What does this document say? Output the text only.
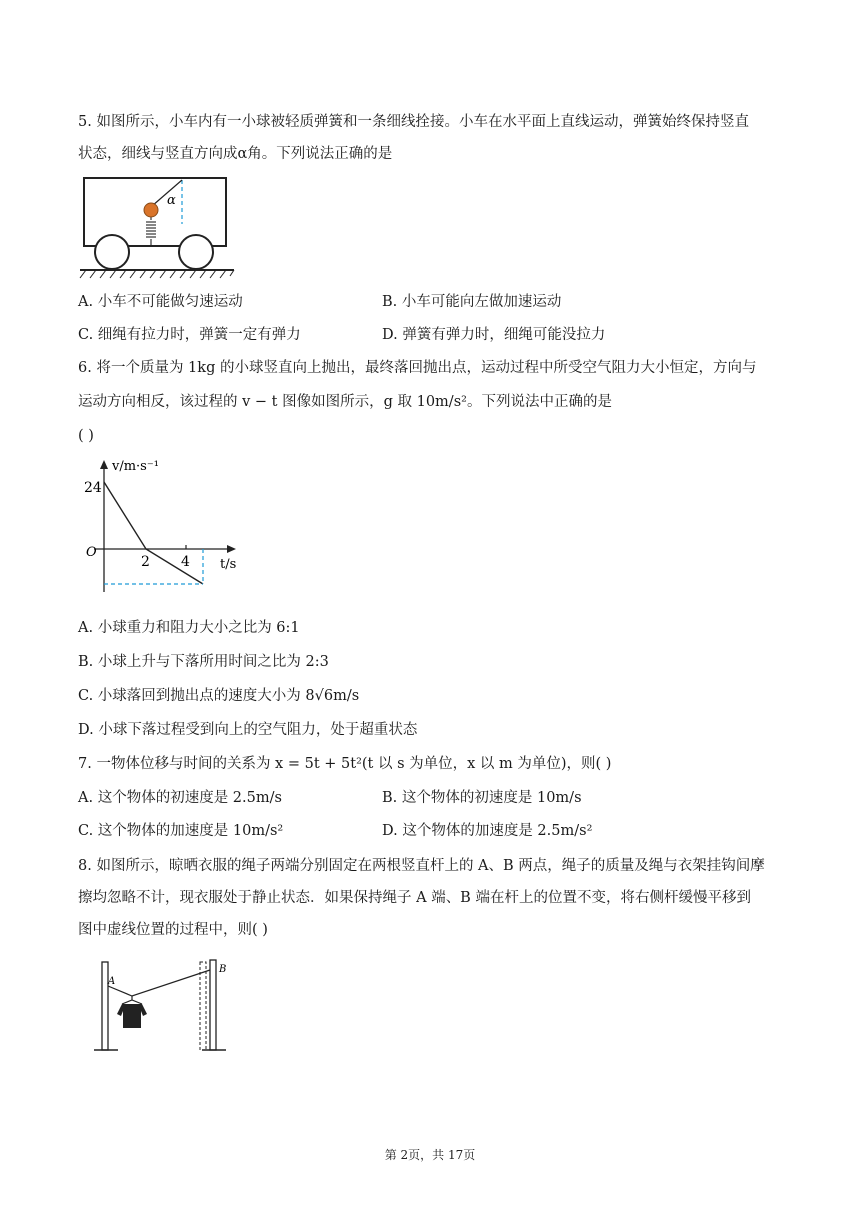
5. 如图所示，小车内有一小球被轻质弹簧和一条细线拴接。小车在水平面上直线运动，弹簧始终保持竖直
状态，细线与竖直方向成α角。下列说法正确的是
α
A. 小车不可能做匀速运动	B. 小车可能向左做加速运动
C. 细绳有拉力时，弹簧一定有弹力	D. 弹簧有弹力时，细绳可能没拉力
6. 将一个质量为 1kg 的小球竖直向上抛出，最终落回抛出点，运动过程中所受空气阻力大小恒定，方向与
运动方向相反，该过程的 v − t 图像如图所示，g 取 10m/s²。下列说法中正确的是
( )
v/m·s⁻¹
t/s
O
24
2 4
A. 小球重力和阻力大小之比为 6:1
B. 小球上升与下落所用时间之比为 2:3
C. 小球落回到抛出点的速度大小为 8√6m/s
D. 小球下落过程受到向上的空气阻力，处于超重状态
7. 一物体位移与时间的关系为 x = 5t + 5t²(t 以 s 为单位，x 以 m 为单位)，则( )
A. 这个物体的初速度是 2.5m/s	B. 这个物体的初速度是 10m/s
C. 这个物体的加速度是 10m/s²	D. 这个物体的加速度是 2.5m/s²
8. 如图所示，晾晒衣服的绳子两端分别固定在两根竖直杆上的 A、B 两点，绳子的质量及绳与衣架挂钩间摩
擦均忽略不计，现衣服处于静止状态．如果保持绳子 A 端、B 端在杆上的位置不变，将右侧杆缓慢平移到
图中虚线位置的过程中，则( )
A
B
第 2页，共 17页
